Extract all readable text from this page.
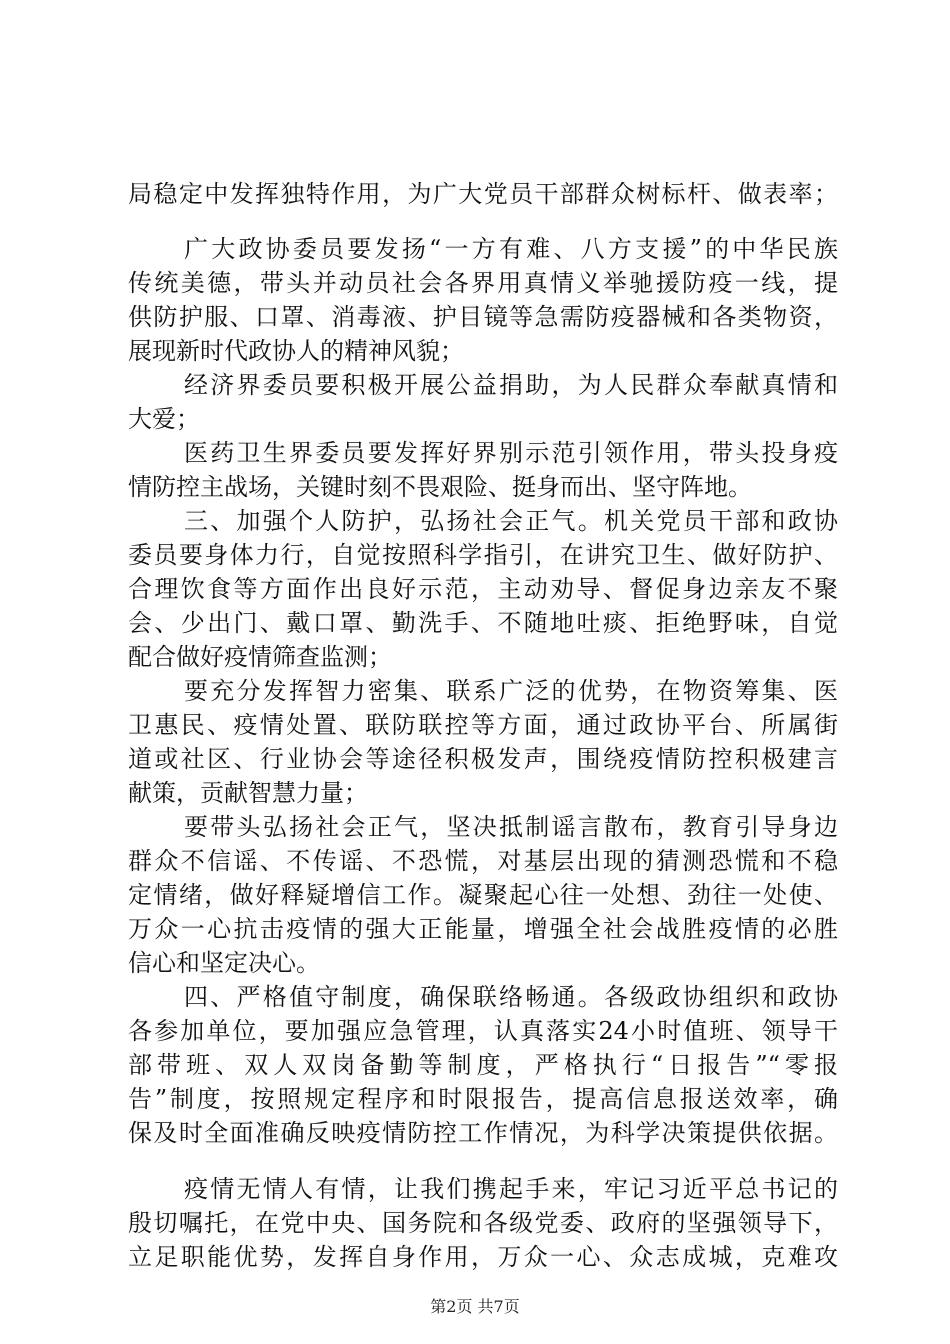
局稳定中发挥独特作用，为广大党员干部群众树标杆、做表率；
广大政协委员要发扬“一方有难、八方支援”的中华民族
传统美德，带头并动员社会各界用真情义举驰援防疫一线，提
供防护服、口罩、消毒液、护目镜等急需防疫器械和各类物资，
展现新时代政协人的精神风貌；
经济界委员要积极开展公益捐助，为人民群众奉献真情和
大爱；
医药卫生界委员要发挥好界别示范引领作用，带头投身疫
情防控主战场，关键时刻不畏艰险、挺身而出、坚守阵地。
三、加强个人防护，弘扬社会正气。机关党员干部和政协
委员要身体力行，自觉按照科学指引，在讲究卫生、做好防护、
合理饮食等方面作出良好示范，主动劝导、督促身边亲友不聚
会、少出门、戴口罩、勤洗手、不随地吐痰、拒绝野味，自觉
配合做好疫情筛查监测；
要充分发挥智力密集、联系广泛的优势，在物资筹集、医
卫惠民、疫情处置、联防联控等方面，通过政协平台、所属街
道或社区、行业协会等途径积极发声，围绕疫情防控积极建言
献策，贡献智慧力量；
要带头弘扬社会正气，坚决抵制谣言散布，教育引导身边
群众不信谣、不传谣、不恐慌，对基层出现的猜测恐慌和不稳
定情绪，做好释疑增信工作。凝聚起心往一处想、劲往一处使、
万众一心抗击疫情的强大正能量，增强全社会战胜疫情的必胜
信心和坚定决心。
四、严格值守制度，确保联络畅通。各级政协组织和政协
各参加单位，要加强应急管理，认真落实24小时值班、领导干
部带班、双人双岗备勤等制度，严格执行“日报告”“零报
告”制度，按照规定程序和时限报告，提高信息报送效率，确
保及时全面准确反映疫情防控工作情况，为科学决策提供依据。
疫情无情人有情，让我们携起手来，牢记习近平总书记的
殷切嘱托，在党中央、国务院和各级党委、政府的坚强领导下，
立足职能优势，发挥自身作用，万众一心、众志成城，克难攻
第2页 共7页
